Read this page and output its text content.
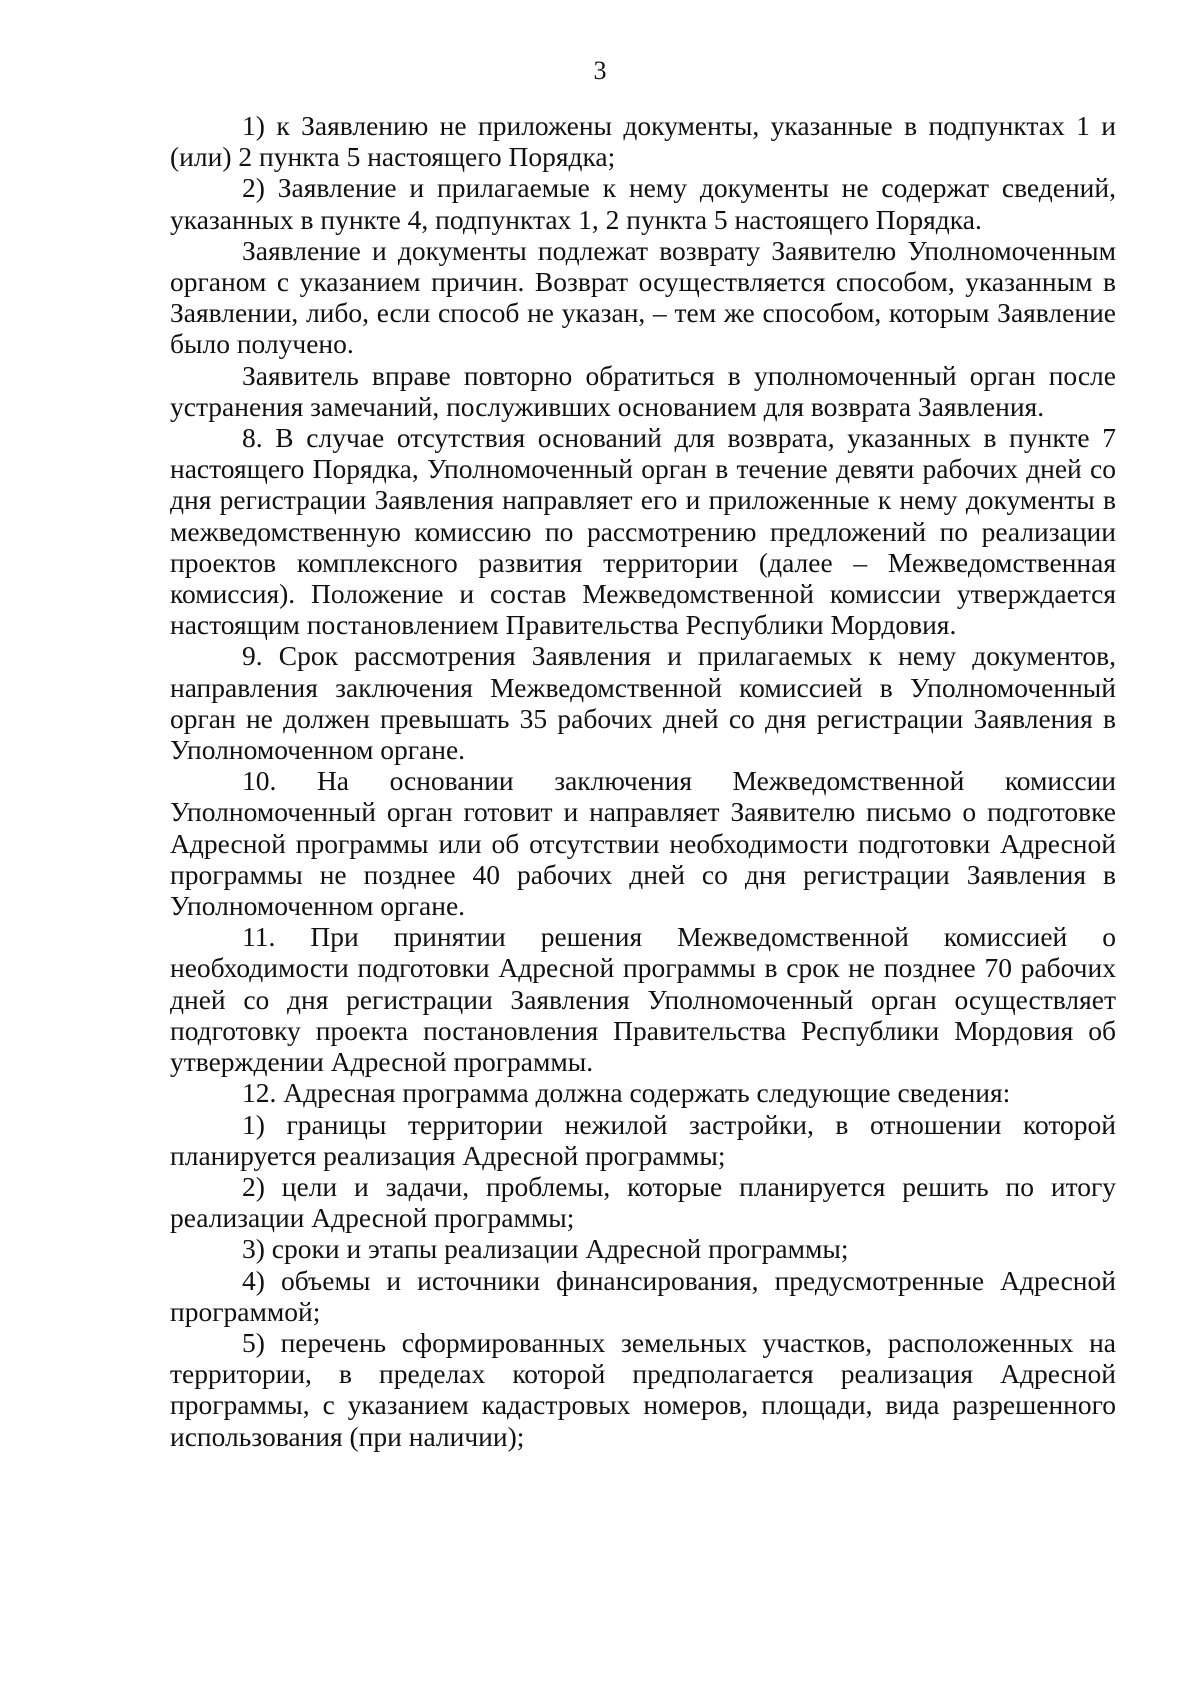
3

1) к Заявлению не приложены документы, указанные в подпунктах 1 и (или) 2 пункта 5 настоящего Порядка;

2) Заявление и прилагаемые к нему документы не содержат сведений, указанных в пункте 4, подпунктах 1, 2 пункта 5 настоящего Порядка.

Заявление и документы подлежат возврату Заявителю Уполномоченным органом с указанием причин. Возврат осуществляется способом, указанным в Заявлении, либо, если способ не указан, – тем же способом, которым Заявление было получено.

Заявитель вправе повторно обратиться в уполномоченный орган после устранения замечаний, послуживших основанием для возврата Заявления.

8. В случае отсутствия оснований для возврата, указанных в пункте 7 настоящего Порядка, Уполномоченный орган в течение девяти рабочих дней со дня регистрации Заявления направляет его и приложенные к нему документы в межведомственную комиссию по рассмотрению предложений по реализации проектов комплексного развития территории (далее – Межведомственная комиссия). Положение и состав Межведомственной комиссии утверждается настоящим постановлением Правительства Республики Мордовия.

9. Срок рассмотрения Заявления и прилагаемых к нему документов, направления заключения Межведомственной комиссией в Уполномоченный орган не должен превышать 35 рабочих дней со дня регистрации Заявления в Уполномоченном органе.

10. На основании заключения Межведомственной комиссии Уполномоченный орган готовит и направляет Заявителю письмо о подготовке Адресной программы или об отсутствии необходимости подготовки Адресной программы не позднее 40 рабочих дней со дня регистрации Заявления в Уполномоченном органе.

11. При принятии решения Межведомственной комиссией о необходимости подготовки Адресной программы в срок не позднее 70 рабочих дней со дня регистрации Заявления Уполномоченный орган осуществляет подготовку проекта постановления Правительства Республики Мордовия об утверждении Адресной программы.

12. Адресная программа должна содержать следующие сведения:

1) границы территории нежилой застройки, в отношении которой планируется реализация Адресной программы;

2) цели и задачи, проблемы, которые планируется решить по итогу реализации Адресной программы;

3) сроки и этапы реализации Адресной программы;

4) объемы и источники финансирования, предусмотренные Адресной программой;

5) перечень сформированных земельных участков, расположенных на территории, в пределах которой предполагается реализация Адресной программы, с указанием кадастровых номеров, площади, вида разрешенного использования (при наличии);
